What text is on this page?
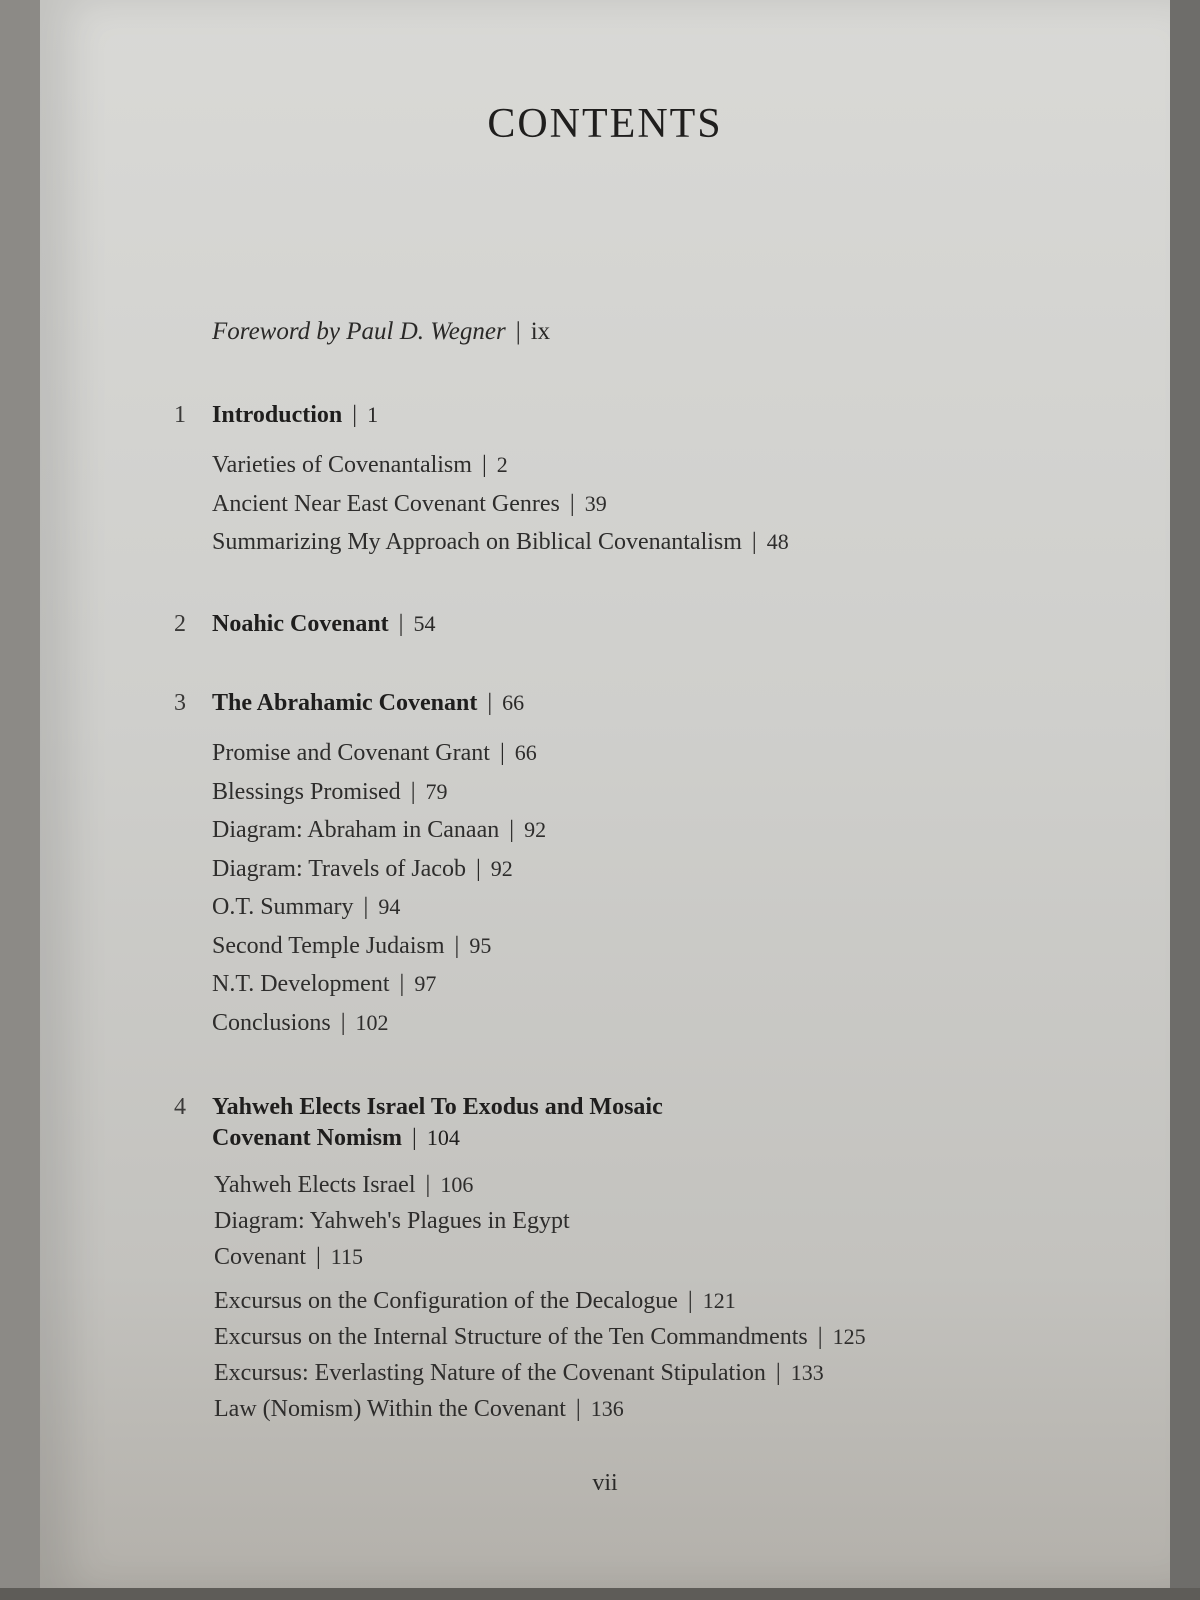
CONTENTS
Foreword by Paul D. Wegner | ix
1 Introduction | 1
Varieties of Covenantalism | 2
Ancient Near East Covenant Genres | 39
Summarizing My Approach on Biblical Covenantalism | 48
2 Noahic Covenant | 54
3 The Abrahamic Covenant | 66
Promise and Covenant Grant | 66
Blessings Promised | 79
Diagram: Abraham in Canaan | 92
Diagram: Travels of Jacob | 92
O.T. Summary | 94
Second Temple Judaism | 95
N.T. Development | 97
Conclusions | 102
4 Yahweh Elects Israel To Exodus and Mosaic
Covenant Nomism | 104
Yahweh Elects Israel | 106
Diagram: Yahweh's Plagues in Egypt
Covenant | 115
Excursus on the Configuration of the Decalogue | 121
Excursus on the Internal Structure of the Ten Commandments | 125
Excursus: Everlasting Nature of the Covenant Stipulation | 133
Law (Nomism) Within the Covenant | 136
vii
